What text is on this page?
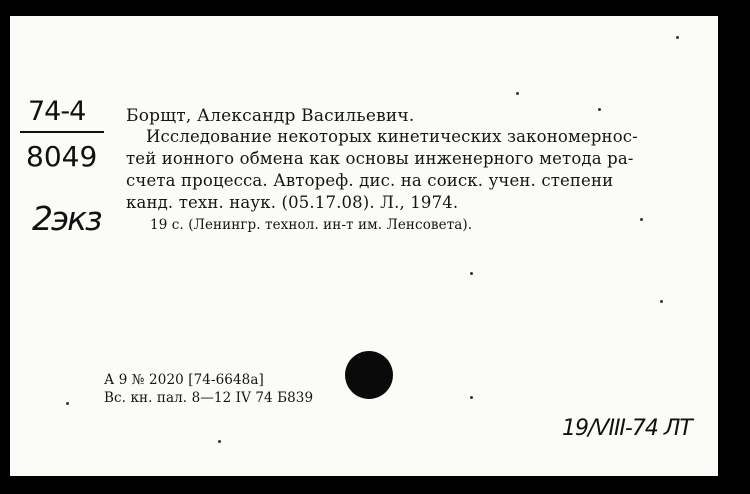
74-4
8049
2экз
Борщт, Александр Васильевич.
Исследование некоторых кинетических закономернос-
тей ионного обмена как основы инженерного метода ра-
счета процесса. Автореф. дис. на соиск. учен. степени
канд. техн. наук. (05.17.08). Л., 1974.
19 с. (Ленингр. технол. ин-т им. Ленсовета).
А 9 № 2020 [74-6648а]
Вс. кн. пал. 8—12 IV 74 Б839
19/VIII-74 ЛТ
